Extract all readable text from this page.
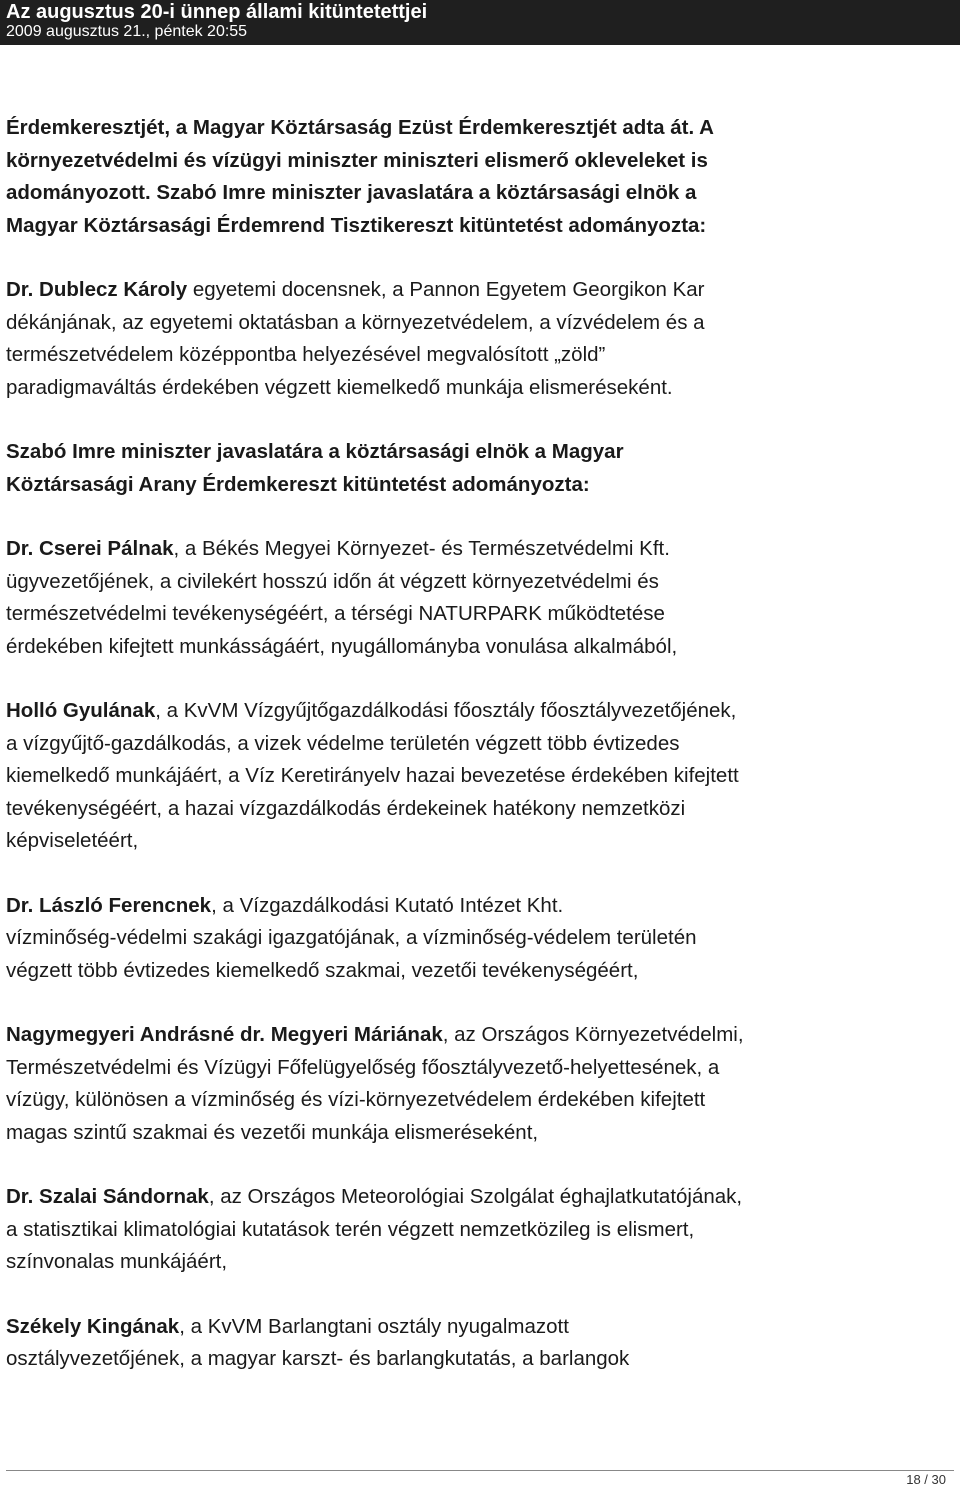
Az augusztus 20-i ünnep állami kitüntetettjei
2009 augusztus 21., péntek 20:55
Érdemkeresztjét, a Magyar Köztársaság Ezüst Érdemkeresztjét adta át. A
környezetvédelmi és vízügyi miniszter miniszteri elismerő okleveleket is
adományozott. Szabó Imre miniszter javaslatára a köztársasági elnök a
Magyar Köztársasági Érdemrend Tisztikereszt kitüntetést adományozta:
Dr. Dublecz Károly egyetemi docensnek, a Pannon Egyetem Georgikon Kar
dékánjának, az egyetemi oktatásban a környezetvédelem, a vízvédelem és a
természetvédelem középpontba helyezésével megvalósított „zöld”
paradigmaváltás érdekében végzett kiemelkedő munkája elismeréseként.
Szabó Imre miniszter javaslatára a köztársasági elnök a Magyar
Köztársasági Arany Érdemkereszt kitüntetést adományozta:
Dr. Cserei Pálnak, a Békés Megyei Környezet- és Természetvédelmi Kft.
ügyvezetőjének, a civilekért hosszú időn át végzett környezetvédelmi és
természetvédelmi tevékenységéért, a térségi NATURPARK működtetése
érdekében kifejtett munkásságáért, nyugállományba vonulása alkalmából,
Holló Gyulának, a KvVM Vízgyűjtőgazdálkodási főosztály főosztályvezetőjének,
a vízgyűjtő-gazdálkodás, a vizek védelme területén végzett több évtizedes
kiemelkedő munkájáért, a Víz Keretirányelv hazai bevezetése érdekében kifejtett
tevékenységéért, a hazai vízgazdálkodás érdekeinek hatékony nemzetközi
képviseletéért,
Dr. László Ferencnek, a Vízgazdálkodási Kutató Intézet Kht.
vízminőség-védelmi szakági igazgatójának, a vízminőség-védelem területén
végzett több évtizedes kiemelkedő szakmai, vezetői tevékenységéért,
Nagymegyeri Andrásné dr. Megyeri Máriának, az Országos Környezetvédelmi,
Természetvédelmi és Vízügyi Főfelügyelőség főosztályvezető-helyettesének, a
vízügy, különösen a vízminőség és vízi-környezetvédelem érdekében kifejtett
magas szintű szakmai és vezetői munkája elismeréseként,
Dr. Szalai Sándornak, az Országos Meteorológiai Szolgálat éghajlatkutatójának,
a statisztikai klimatológiai kutatások terén végzett nemzetközileg is elismert,
színvonalas munkájáért,
Székely Kingának, a KvVM Barlangtani osztály nyugalmazott
osztályvezetőjének, a magyar karszt- és barlangkutatás, a barlangok
18 / 30
